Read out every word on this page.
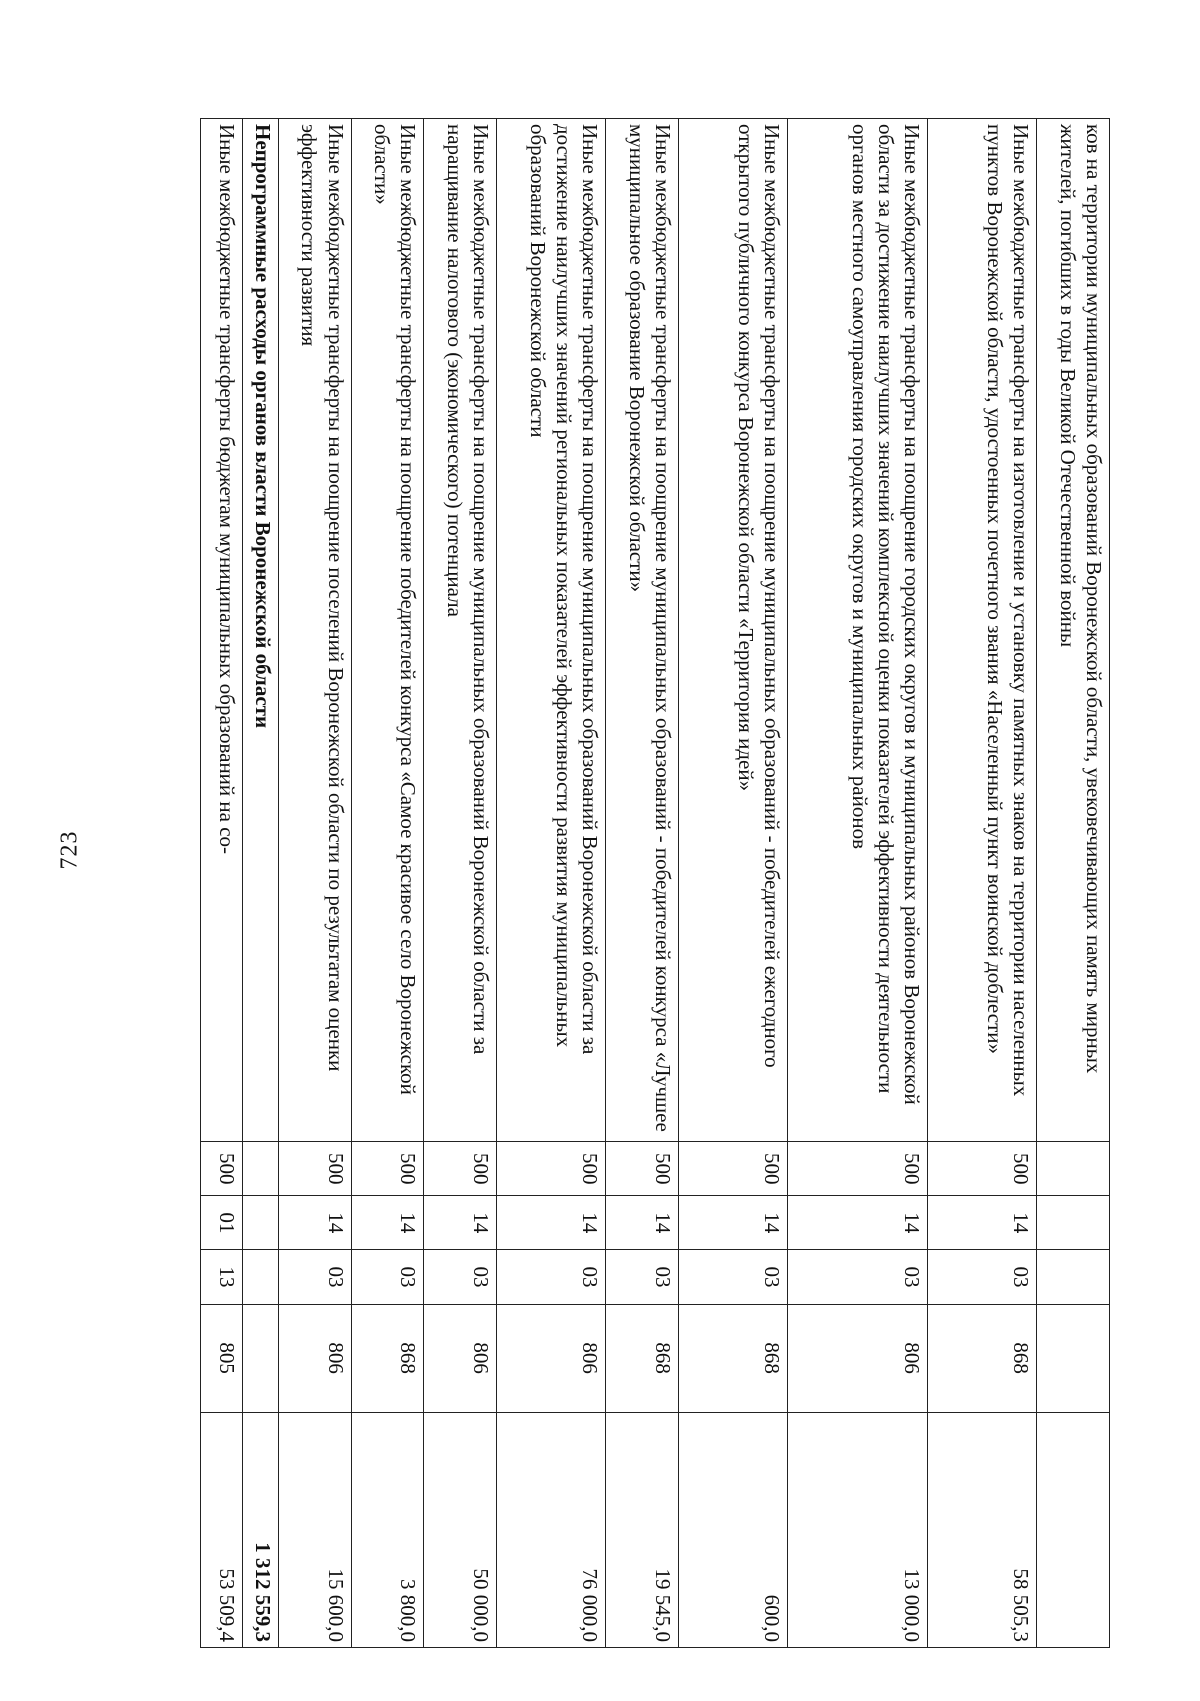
723	ков на территории муниципальных образований Воронежской области, увековечивающих память мирных жителей, погибших в годы Великой Отечественной войны					
Иные межбюджетные трансферты на изготовление и установку памятных знаков на территории населенных пунктов Воронежской области, удостоенных почетного звания «Населенный пункт воинской доблести»	500	14	03	868	58 505,3
Иные межбюджетные трансферты на поощрение городских округов и муниципальных районов Воронежской области за достижение наилучших значений комплексной оценки показателей эффективности деятельности органов местного самоуправления городских округов и муниципальных районов	500	14	03	806	13 000,0
Иные межбюджетные трансферты на поощрение муниципальных образований - победителей ежегодного открытого публичного конкурса Воронежской области «Территория идей»	500	14	03	868	600,0
Иные межбюджетные трансферты на поощрение муниципальных образований - победителей конкурса «Лучшее муниципальное образование Воронежской области»	500	14	03	868	19 545,0
Иные межбюджетные трансферты на поощрение муниципальных образований Воронежской области за достижение наилучших значений региональных показателей эффективности развития муниципальных образований Воронежской области	500	14	03	806	76 000,0
Иные межбюджетные трансферты на поощрение муниципальных образований Воронежской области за наращивание налогового (экономического) потенциала	500	14	03	806	50 000,0
Иные межбюджетные трансферты на поощрение победителей конкурса «Самое красивое село Воронежской области»	500	14	03	868	3 800,0
Иные межбюджетные трансферты на поощрение поселений Воронежской области по результатам оценки эффективности развития	500	14	03	806	15 600,0
Непрограммные расходы органов власти Воронежской области					1 312 559,3
Иные межбюджетные трансферты бюджетам муниципальных образований на со-	500	01	13	805	53 509,4
